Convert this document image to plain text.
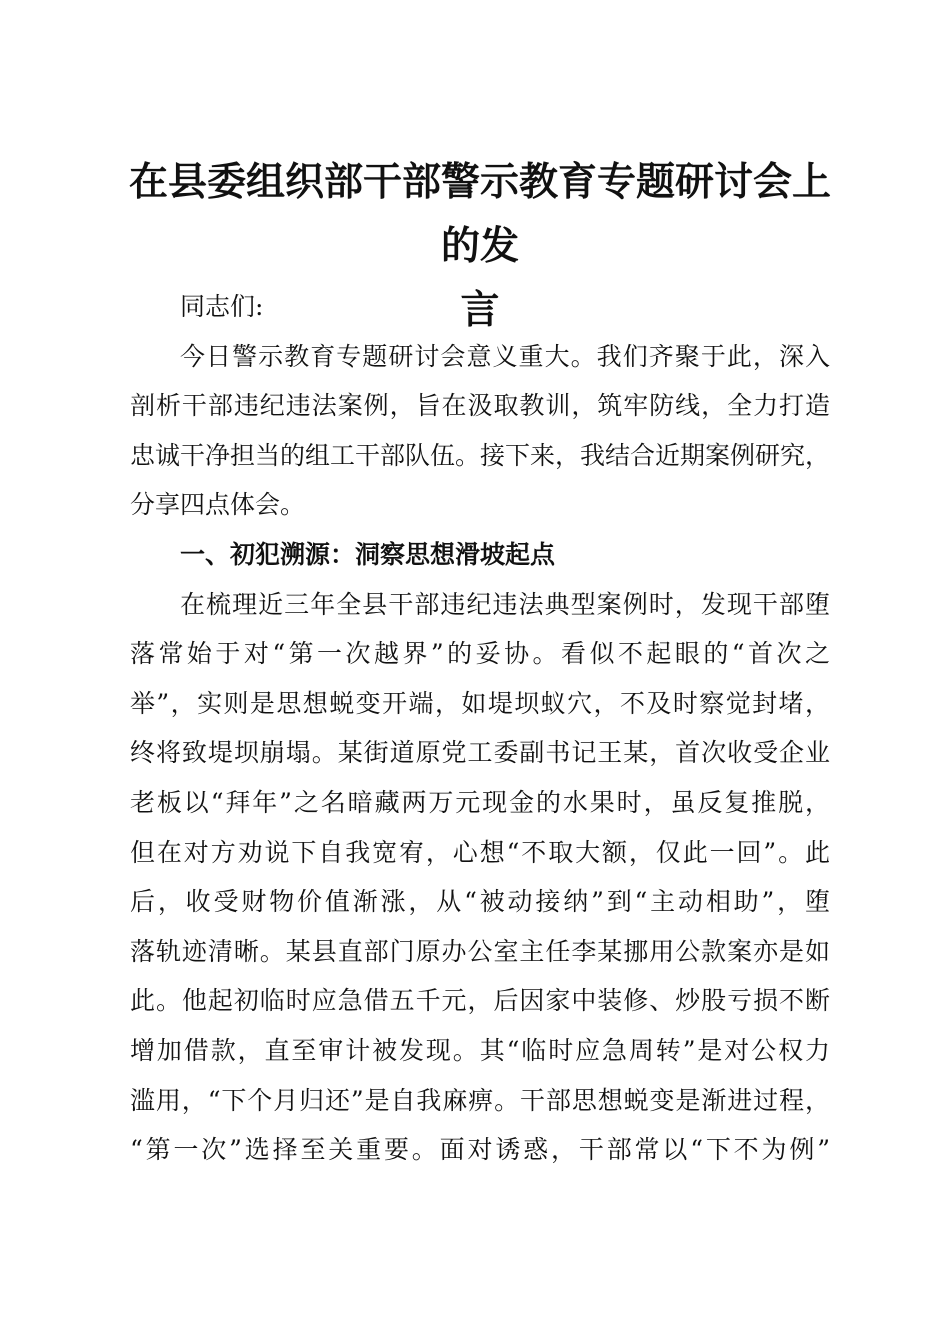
在县委组织部干部警示教育专题研讨会上的发
言
同志们:
今日警示教育专题研讨会意义重大。我们齐聚于此，深入
剖析干部违纪违法案例，旨在汲取教训，筑牢防线，全力打造
忠诚干净担当的组工干部队伍。接下来，我结合近期案例研究，
分享四点体会。
一、初犯溯源：洞察思想滑坡起点
在梳理近三年全县干部违纪违法典型案例时，发现干部堕
落常始于对“第一次越界”的妥协。看似不起眼的“首次之
举”，实则是思想蜕变开端，如堤坝蚁穴，不及时察觉封堵，
终将致堤坝崩塌。某街道原党工委副书记王某，首次收受企业
老板以“拜年”之名暗藏两万元现金的水果时，虽反复推脱，
但在对方劝说下自我宽宥，心想“不取大额，仅此一回”。此
后，收受财物价值渐涨，从“被动接纳”到“主动相助”，堕
落轨迹清晰。某县直部门原办公室主任李某挪用公款案亦是如
此。他起初临时应急借五千元，后因家中装修、炒股亏损不断
增加借款，直至审计被发现。其“临时应急周转”是对公权力
滥用，“下个月归还”是自我麻痹。干部思想蜕变是渐进过程，
“第一次”选择至关重要。面对诱惑，干部常以“下不为例”
